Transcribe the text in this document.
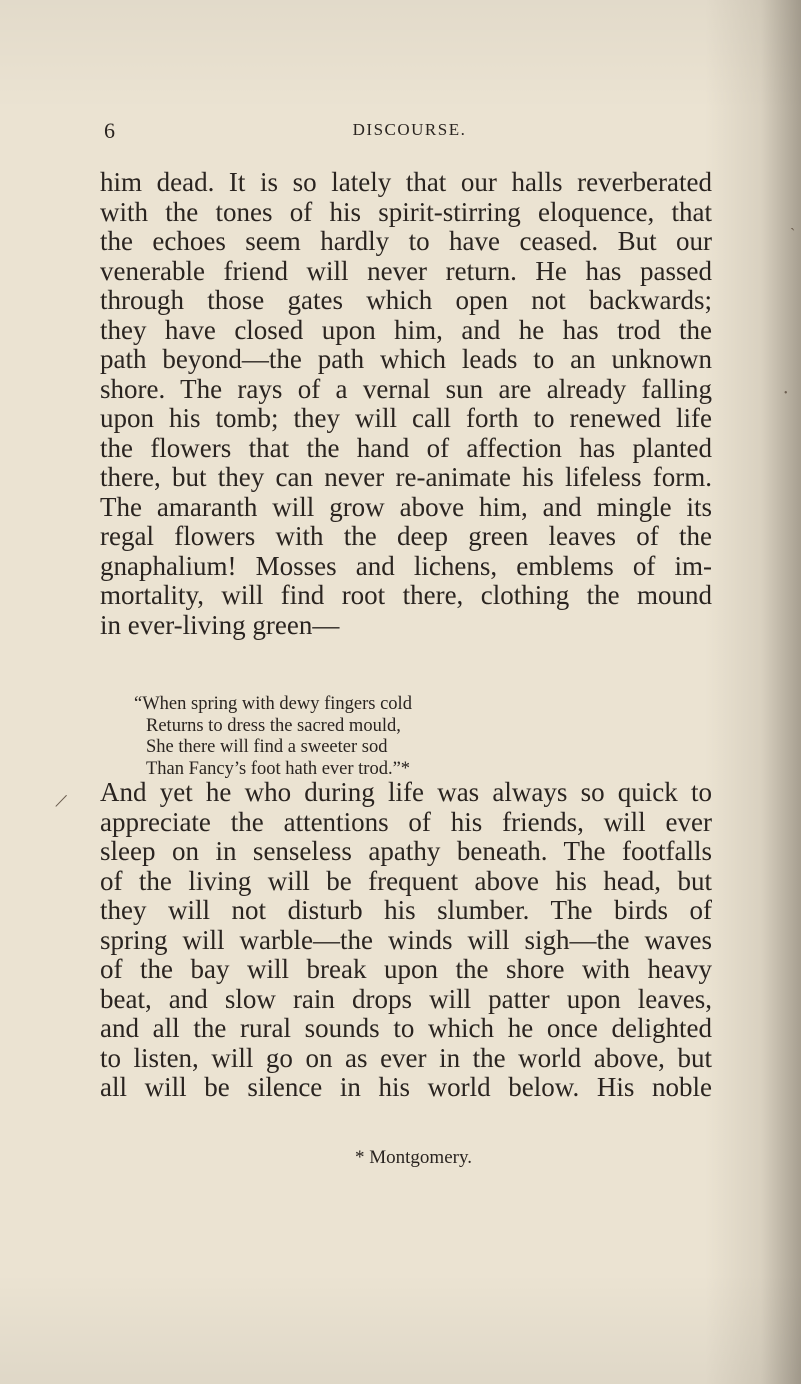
6	DISCOURSE.
him dead. It is so lately that our halls reverberated
with the tones of his spirit-stirring eloquence, that
the echoes seem hardly to have ceased. But our
venerable friend will never return. He has passed
through those gates which open not backwards;
they have closed upon him, and he has trod the
path beyond—the path which leads to an unknown
shore. The rays of a vernal sun are already falling
upon his tomb; they will call forth to renewed life
the flowers that the hand of affection has planted
there, but they can never re-animate his lifeless form.
The amaranth will grow above him, and mingle its
regal flowers with the deep green leaves of the
gnaphalium! Mosses and lichens, emblems of im-
mortality, will find root there, clothing the mound
in ever-living green—
“When spring with dewy fingers cold
Returns to dress the sacred mould,
She there will find a sweeter sod
Than Fancy’s foot hath ever trod.”*
And yet he who during life was always so quick to
appreciate the attentions of his friends, will ever
sleep on in senseless apathy beneath. The footfalls
of the living will be frequent above his head, but
they will not disturb his slumber. The birds of
spring will warble—the winds will sigh—the waves
of the bay will break upon the shore with heavy
beat, and slow rain drops will patter upon leaves,
and all the rural sounds to which he once delighted
to listen, will go on as ever in the world above, but
all will be silence in his world below. His noble
* Montgomery.
`
•
/
